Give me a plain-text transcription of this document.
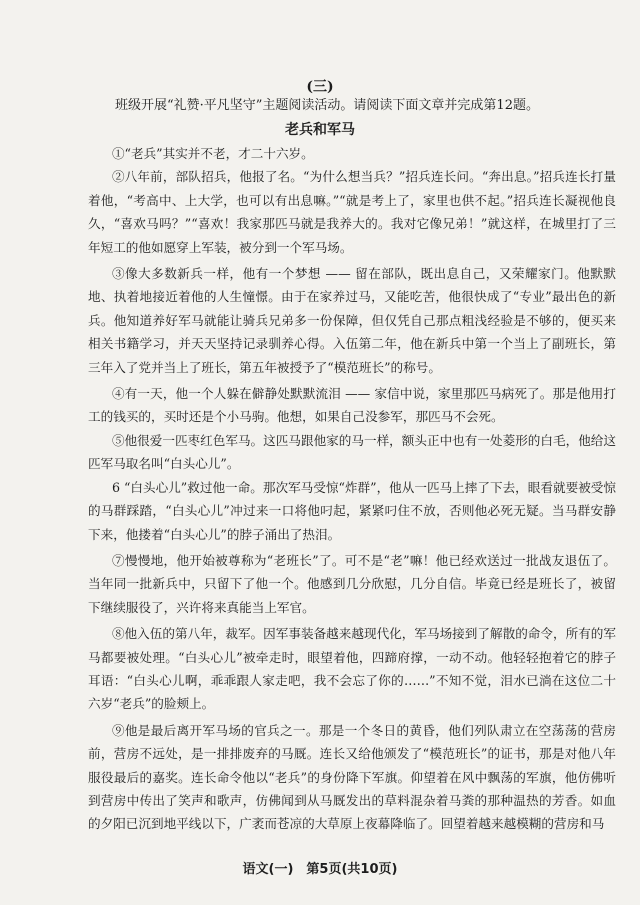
(三)
班级开展“礼赞·平凡坚守”主题阅读活动。请阅读下面文章并完成第12题。
老兵和军马

①“老兵”其实并不老，才二十六岁。

②八年前，部队招兵，他报了名。“为什么想当兵？”招兵连长问。“奔出息。”招兵连长打量着他，“考高中、上大学，也可以有出息嘛。”“就是考上了，家里也供不起。”招兵连长凝视他良久，“喜欢马吗？”“喜欢！我家那匹马就是我养大的。我对它像兄弟！”就这样，在城里打了三年短工的他如愿穿上军装，被分到一个军马场。

③像大多数新兵一样，他有一个梦想 —— 留在部队，既出息自己，又荣耀家门。他默默地、执着地接近着他的人生憧憬。由于在家养过马，又能吃苦，他很快成了“专业”最出色的新兵。他知道养好军马就能让骑兵兄弟多一份保障，但仅凭自己那点粗浅经验是不够的，便买来相关书籍学习，并天天坚持记录驯养心得。入伍第二年，他在新兵中第一个当上了副班长，第三年入了党并当上了班长，第五年被授予了“模范班长”的称号。

④有一天，他一个人躲在僻静处默默流泪 —— 家信中说，家里那匹马病死了。那是他用打工的钱买的，买时还是个小马驹。他想，如果自己没参军，那匹马不会死。

⑤他很爱一匹枣红色军马。这匹马跟他家的马一样，额头正中也有一处菱形的白毛，他给这匹军马取名叫“白头心儿”。

6 “白头心儿”救过他一命。那次军马受惊“炸群”，他从一匹马上摔了下去，眼看就要被受惊的马群踩踏，“白头心儿”冲过来一口将他叼起，紧紧叼住不放，否则他必死无疑。当马群安静下来，他搂着“白头心儿”的脖子涌出了热泪。

⑦慢慢地，他开始被尊称为“老班长”了。可不是“老”嘛！他已经欢送过一批战友退伍了。当年同一批新兵中，只留下了他一个。他感到几分欣慰，几分自信。毕竟已经是班长了，被留下继续服役了，兴许将来真能当上军官。

⑧他入伍的第八年，裁军。因军事装备越来越现代化，军马场接到了解散的命令，所有的军马都要被处理。“白头心儿”被牵走时，眼望着他，四蹄府撑，一动不动。他轻轻抱着它的脖子耳语：“白头心儿啊，乖乖跟人家走吧，我不会忘了你的……”不知不觉，泪水已淌在这位二十六岁“老兵”的脸颊上。

⑨他是最后离开军马场的官兵之一。那是一个冬日的黄昏，他们列队肃立在空荡荡的营房前，营房不远处，是一排排废弃的马厩。连长又给他颁发了“模范班长”的证书，那是对他八年服役最后的嘉奖。连长命令他以“老兵”的身份降下军旗。仰望着在风中飘荡的军旗，他仿佛听到营房中传出了笑声和歌声，仿佛闻到从马厩发出的草料混杂着马粪的那种温热的芳香。如血的夕阳已沉到地平线以下，广袤而苍凉的大草原上夜幕降临了。回望着越来越模糊的营房和马

语文(一)　第5页(共10页)
